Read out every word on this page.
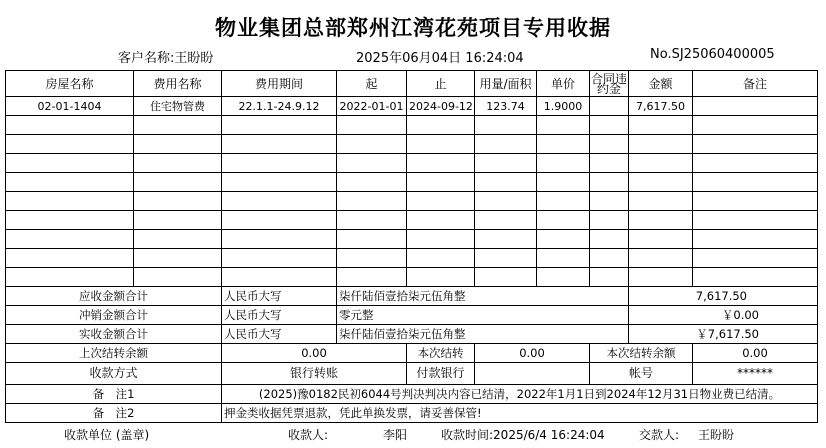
物业集团总部郑州江湾花苑项目专用收据
客户名称:王盼盼	2025年06月04日 16:24:04	No.SJ25060400005
房屋名称	费用名称	费用期间	起	止	用量/面积	单价	合同违约金	金额	备注
02-01-1404	住宅物管费	22.1.1-24.9.12	2022-01-01	2024-09-12	123.74	1.9000		7,617.50	

应收金额合计		人民币大写	柒仟陆佰壹拾柒元伍角整					7,617.50	
冲销金额合计		人民币大写	零元整					￥0.00	
实收金额合计		人民币大写	柒仟陆佰壹拾柒元伍角整					￥7,617.50	
上次结转余额		0.00		本次结转	0.00		本次结转余额		0.00
收款方式		银行转账		付款银行			帐号		******
备　注1		(2025)豫0182民初6044号判决判决内容已结清，2022年1月1日到2024年12月31日物业费已结清。							
备　注2		押金类收据凭票退款，凭此单换发票，请妥善保管!							
收款单位 (盖章)	收款人:	李阳	收款时间:2025/6/4 16:24:04	交款人: 王盼盼
